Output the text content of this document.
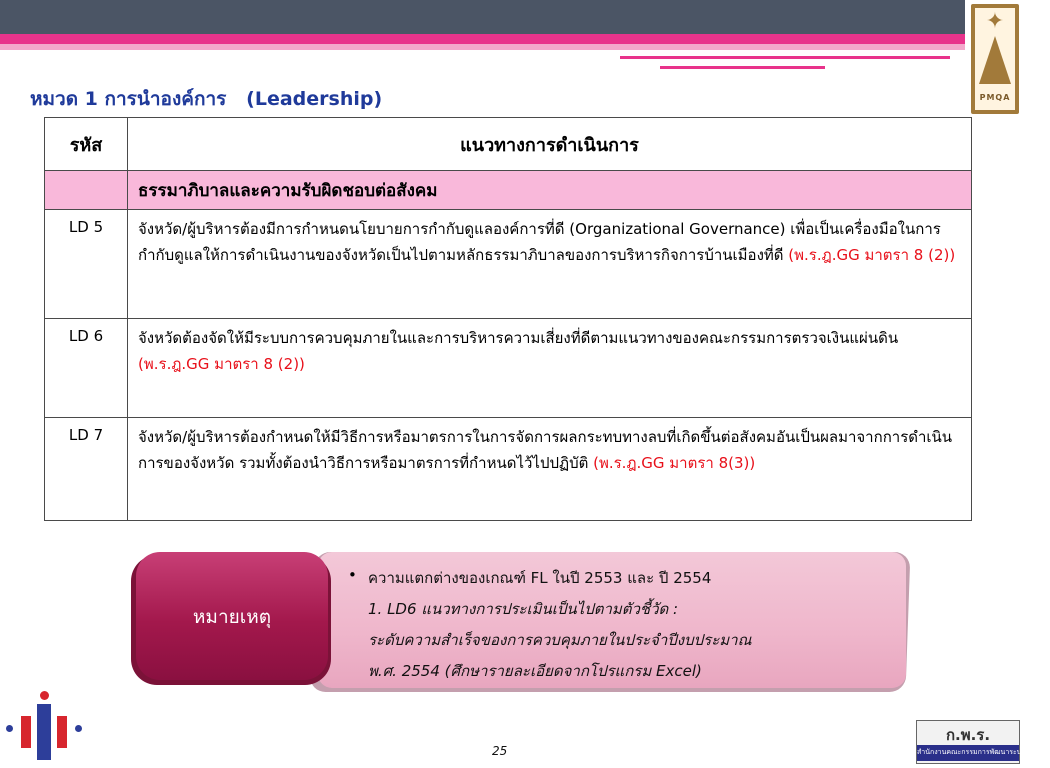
✦
PMQA
หมวด 1 การนำองค์การ   (Leadership)
รหัส	แนวทางการดำเนินการ
	ธรรมาภิบาลและความรับผิดชอบต่อสังคม
LD 5	จังหวัด/ผู้บริหารต้องมีการกำหนดนโยบายการกำกับดูแลองค์การที่ดี (Organizational Governance) เพื่อเป็นเครื่องมือในการกำกับดูแลให้การดำเนินงานของจังหวัดเป็นไปตามหลักธรรมาภิบาลของการบริหารกิจการบ้านเมืองที่ดี (พ.ร.ฎ.GG มาตรา 8 (2))
LD 6	จังหวัดต้องจัดให้มีระบบการควบคุมภายในและการบริหารความเสี่ยงที่ดีตามแนวทางของคณะกรรมการตรวจเงินแผ่นดิน (พ.ร.ฎ.GG มาตรา 8 (2))
LD 7	จังหวัด/ผู้บริหารต้องกำหนดให้มีวิธีการหรือมาตรการในการจัดการผลกระทบทางลบที่เกิดขึ้นต่อสังคมอันเป็นผลมาจากการดำเนินการของจังหวัด รวมทั้งต้องนำวิธีการหรือมาตรการที่กำหนดไว้ไปปฏิบัติ (พ.ร.ฎ.GG มาตรา 8(3))
หมายเหตุ
• ความแตกต่างของเกณฑ์ FL ในปี 2553 และ ปี 2554
1. LD6 แนวทางการประเมินเป็นไปตามตัวชี้วัด :
ระดับความสำเร็จของการควบคุมภายในประจำปีงบประมาณ
พ.ศ. 2554 (ศึกษารายละเอียดจากโปรแกรม Excel)
25
ก.พ.ร.
สำนักงานคณะกรรมการพัฒนาระบบราชการ
